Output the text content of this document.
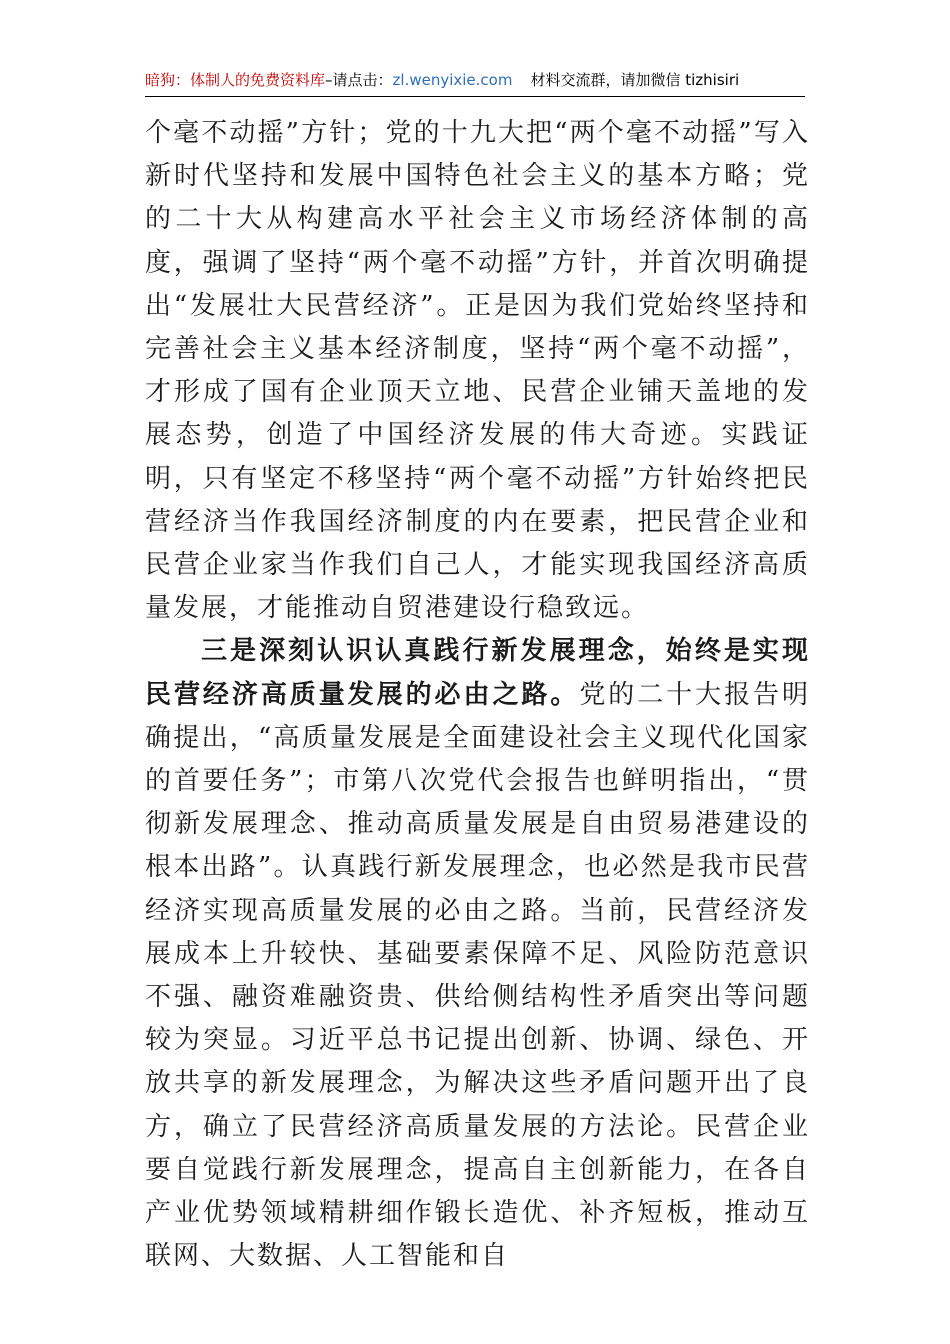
暗狗：体制人的免费资料库–请点击：zl.wenyixie.com 材料交流群，请加微信 tizhisiri

个毫不动摇”方针；党的十九大把“两个毫不动摇”写入新时代坚持和发展中国特色社会主义的基本方略；党的二十大从构建高水平社会主义市场经济体制的高度，强调了坚持“两个毫不动摇”方针，并首次明确提出“发展壮大民营经济”。正是因为我们党始终坚持和完善社会主义基本经济制度，坚持“两个毫不动摇”，才形成了国有企业顶天立地、民营企业铺天盖地的发展态势，创造了中国经济发展的伟大奇迹。实践证明，只有坚定不移坚持“两个毫不动摇”方针始终把民营经济当作我国经济制度的内在要素，把民营企业和民营企业家当作我们自己人，才能实现我国经济高质量发展，才能推动自贸港建设行稳致远。

三是深刻认识认真践行新发展理念，始终是实现民营经济高质量发展的必由之路。党的二十大报告明确提出，“高质量发展是全面建设社会主义现代化国家的首要任务”；市第八次党代会报告也鲜明指出，“贯彻新发展理念、推动高质量发展是自由贸易港建设的根本出路”。认真践行新发展理念，也必然是我市民营经济实现高质量发展的必由之路。当前，民营经济发展成本上升较快、基础要素保障不足、风险防范意识不强、融资难融资贵、供给侧结构性矛盾突出等问题较为突显。习近平总书记提出创新、协调、绿色、开放共享的新发展理念，为解决这些矛盾问题开出了良方，确立了民营经济高质量发展的方法论。民营企业要自觉践行新发展理念，提高自主创新能力，在各自产业优势领域精耕细作锻长造优、补齐短板，推动互联网、大数据、人工智能和自
